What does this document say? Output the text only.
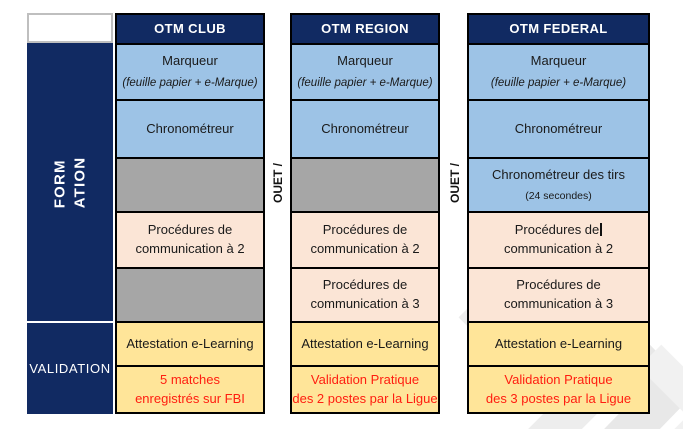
FORM ATION
VALIDATION
OTM CLUB
Marqueur
(feuille papier + e-Marque)
Chronométreur
Procédures de
communication à 2
Attestation e-Learning
5 matches
enregistrés sur FBI
OUET /
OTM REGION
Marqueur
(feuille papier + e-Marque)
Chronométreur
Procédures de
communication à 2
Procédures de
communication à 3
Attestation e-Learning
Validation Pratique
des 2 postes par la Ligue
OUET /
OTM FEDERAL
Marqueur
(feuille papier + e-Marque)
Chronométreur
Chronométreur des tirs
(24 secondes)
Procédures de
communication à 2
Procédures de
communication à 3
Attestation e-Learning
Validation Pratique
des 3 postes par la Ligue
